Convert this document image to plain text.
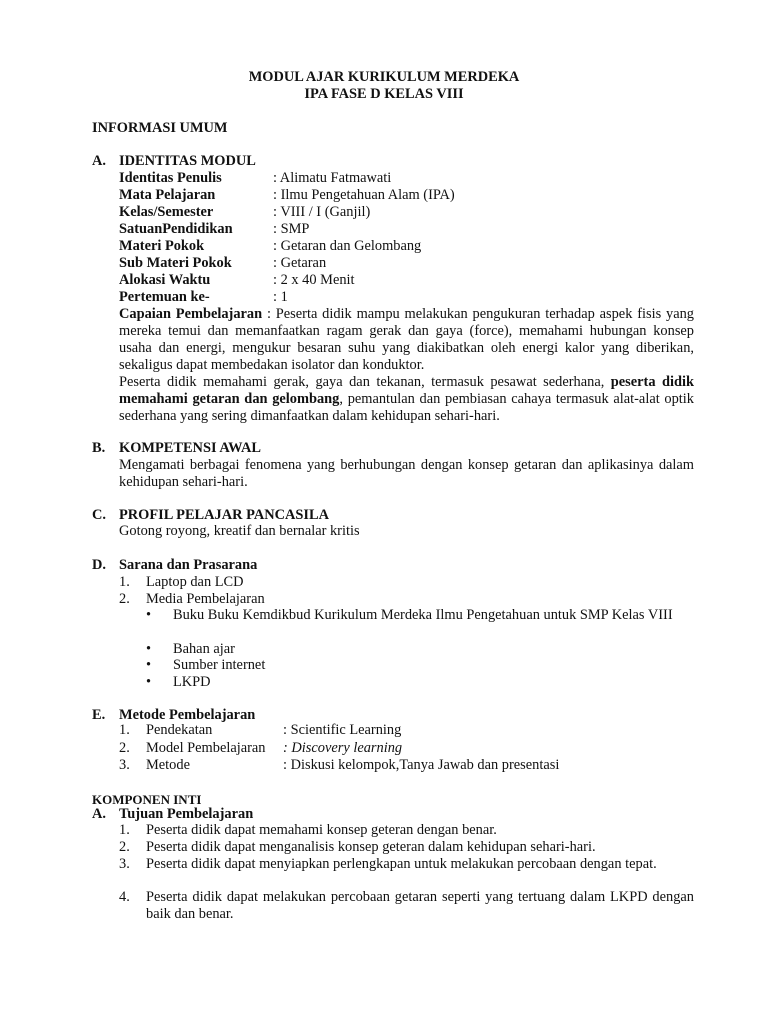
MODUL AJAR KURIKULUM MERDEKA
IPA FASE D KELAS VIII
INFORMASI UMUM
A. IDENTITAS MODUL
Identitas Penulis	: Alimatu Fatmawati
Mata Pelajaran	: Ilmu Pengetahuan Alam (IPA)
Kelas/Semester	: VIII / I (Ganjil)
SatuanPendidikan	: SMP
Materi Pokok	: Getaran dan Gelombang
Sub Materi Pokok	: Getaran
Alokasi Waktu	: 2 x 40 Menit
Pertemuan ke-	: 1
Capaian Pembelajaran : Peserta didik mampu melakukan pengukuran terhadap aspek fisis yang mereka temui dan memanfaatkan ragam gerak dan gaya (force), memahami hubungan konsep usaha dan energi, mengukur besaran suhu yang diakibatkan oleh energi kalor yang diberikan, sekaligus dapat membedakan isolator dan konduktor.
Peserta didik memahami gerak, gaya dan tekanan, termasuk pesawat sederhana, peserta didik memahami getaran dan gelombang, pemantulan dan pembiasan cahaya termasuk alat-alat optik sederhana yang sering dimanfaatkan dalam kehidupan sehari-hari.
B. KOMPETENSI AWAL
Mengamati berbagai fenomena yang berhubungan dengan konsep getaran dan aplikasinya dalam kehidupan sehari-hari.
C. PROFIL PELAJAR PANCASILA
Gotong royong, kreatif dan bernalar kritis
D. Sarana dan Prasarana
1. Laptop dan LCD
2. Media Pembelajaran
• Buku Buku Kemdikbud Kurikulum Merdeka Ilmu Pengetahuan untuk SMP Kelas VIII
• Bahan ajar
• Sumber internet
• LKPD
E. Metode Pembelajaran
1. Pendekatan	: Scientific Learning
2. Model Pembelajaran : Discovery learning
3. Metode	: Diskusi kelompok,Tanya Jawab dan presentasi
KOMPONEN INTI
A. Tujuan Pembelajaran
1. Peserta didik dapat memahami konsep geteran dengan benar.
2. Peserta didik dapat menganalisis konsep geteran dalam kehidupan sehari-hari.
3. Peserta didik dapat menyiapkan perlengkapan untuk melakukan percobaan dengan tepat.
4. Peserta didik dapat melakukan percobaan getaran seperti yang tertuang dalam LKPD dengan baik dan benar.
